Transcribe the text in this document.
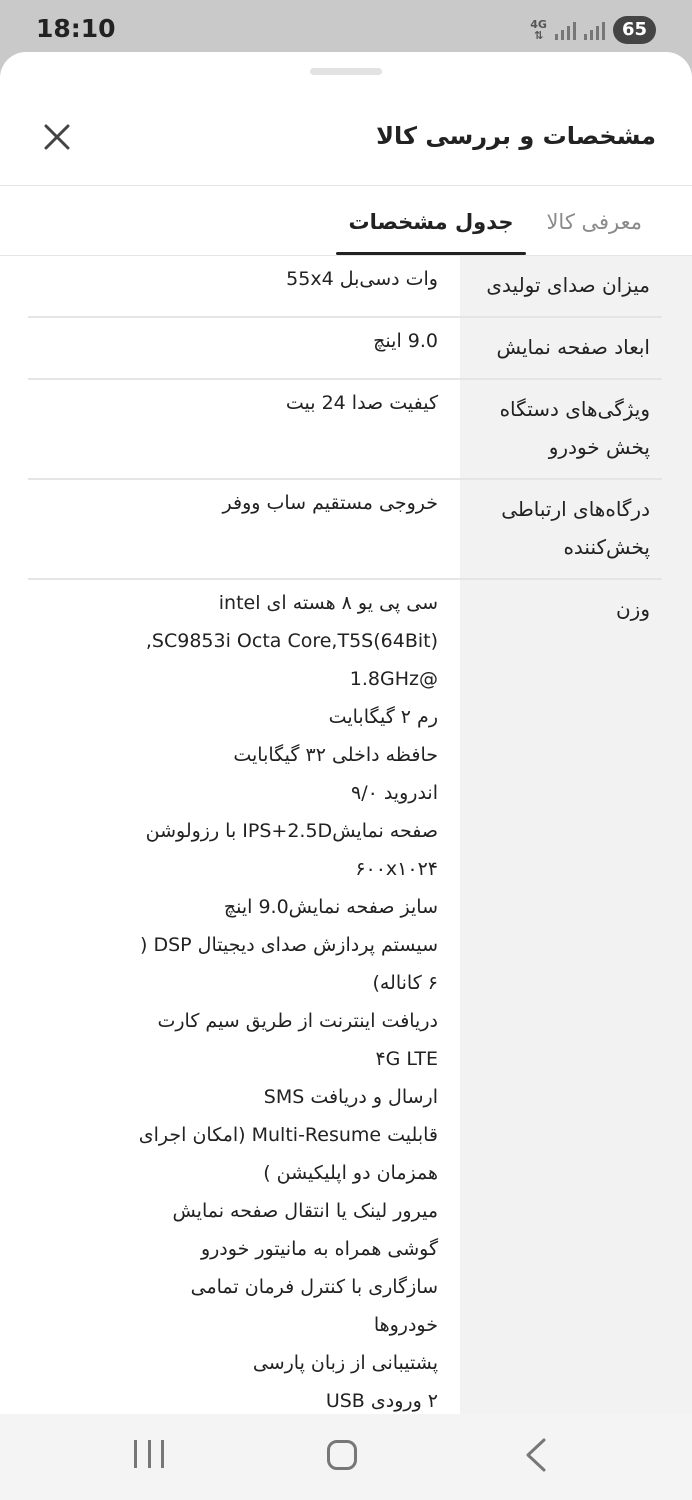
18:10	4G
⇅	65
مشخصات و بررسی کالا
معرفی کالا
جدول مشخصات
میزان صدای تولیدی
وات دسی‌بل 55x4
ابعاد صفحه نمایش
9.0 اینچ
ویژگی‌های دستگاه
پخش خودرو
کیفیت صدا 24 بیت
درگاه‌های ارتباطی
پخش‌کننده
خروجی مستقیم ساب ووفر
وزن
سی پی یو ۸ هسته ای intel
SC9853i Octa Core,T5S(64Bit),
@1.8GHz
رم ۲ گیگابایت
حافظه داخلی ۳۲ گیگابایت
اندروید ۹/۰
صفحه نمایشIPS+2.5D با رزولوشن
۶۰۰x۱۰۲۴
سایز صفحه نمایش9.0 اینچ
سیستم پردازش صدای دیجیتال DSP (
۶ کاناله)
دریافت اینترنت از طریق سیم کارت
۴G LTE
ارسال و دریافت SMS
قابلیت Multi-Resume (امکان اجرای
همزمان دو اپلیکیشن )
میرور لینک یا انتقال صفحه نمایش
گوشی همراه به مانیتور خودرو
سازگاری با کنترل فرمان تمامی
خودروها
پشتیبانی از زبان پارسی
۲ ورودی USB
